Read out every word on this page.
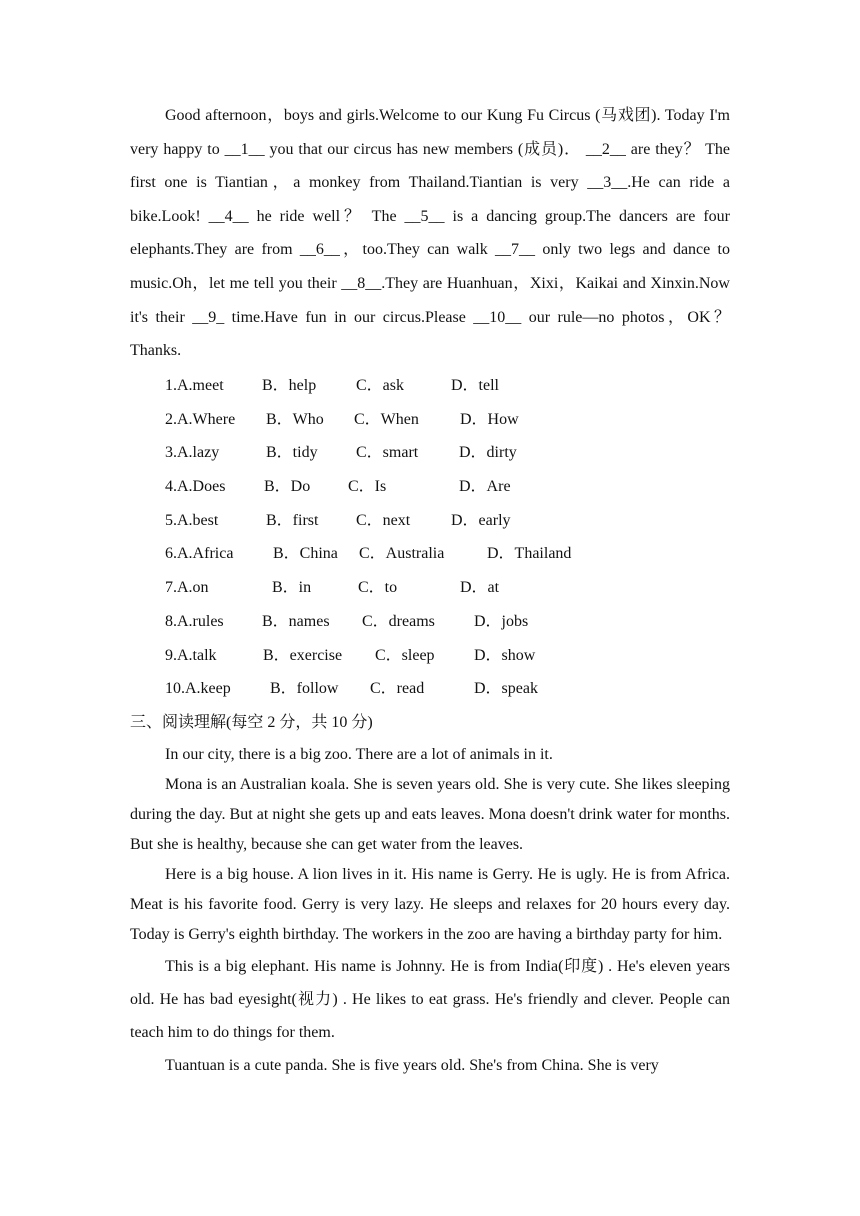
Good afternoon，boys and girls.Welcome to our Kung Fu Circus (马戏团). Today I'm very happy to __1__ you that our circus has new members (成员)． __2__ are they？ The first one is Tiantian，a monkey from Thailand.Tiantian is very __3__.He can ride a bike.Look! __4__ he ride well？ The __5__ is a dancing group.The dancers are four elephants.They are from __6__，too.They can walk __7__ only two legs and dance to music.Oh，let me tell you their __8__.They are Huanhuan，Xixi，Kaikai and Xinxin.Now it's their __9_ time.Have fun in our circus.Please __10__ our rule—no photos，OK？Thanks.

1.A.meet B．help C．ask	D．tell
2.A.Where B．Who C．When	D．How
3.A.lazy	B．tidy C．smart	D．dirty
4.A.Does B．Do C．Is	D．Are
5.A.best	B．first C．next	D．early
6.A.Africa B．China C．Australia	D．Thailand
7.A.on	B．in	C．to	D．at
8.A.rules B．names C．dreams D．jobs
9.A.talk	B．exercise C．sleep D．show
10.A.keep B．follow C．read	D．speak
三、阅读理解(每空 2 分，共 10 分)

In our city, there is a big zoo. There are a lot of animals in it.

Mona is an Australian koala. She is seven years old. She is very cute. She likes sleeping during the day. But at night she gets up and eats leaves. Mona doesn't drink water for months. But she is healthy, because she can get water from the leaves.

Here is a big house. A lion lives in it. His name is Gerry. He is ugly. He is from Africa. Meat is his favorite food. Gerry is very lazy. He sleeps and relaxes for 20 hours every day. Today is Gerry's eighth birthday. The workers in the zoo are having a birthday party for him.

This is a big elephant. His name is Johnny. He is from India(印度) . He's eleven years old. He has bad eyesight(视力) . He likes to eat grass. He's friendly and clever. People can teach him to do things for them.

Tuantuan is a cute panda. She is five years old. She's from China. She is very
